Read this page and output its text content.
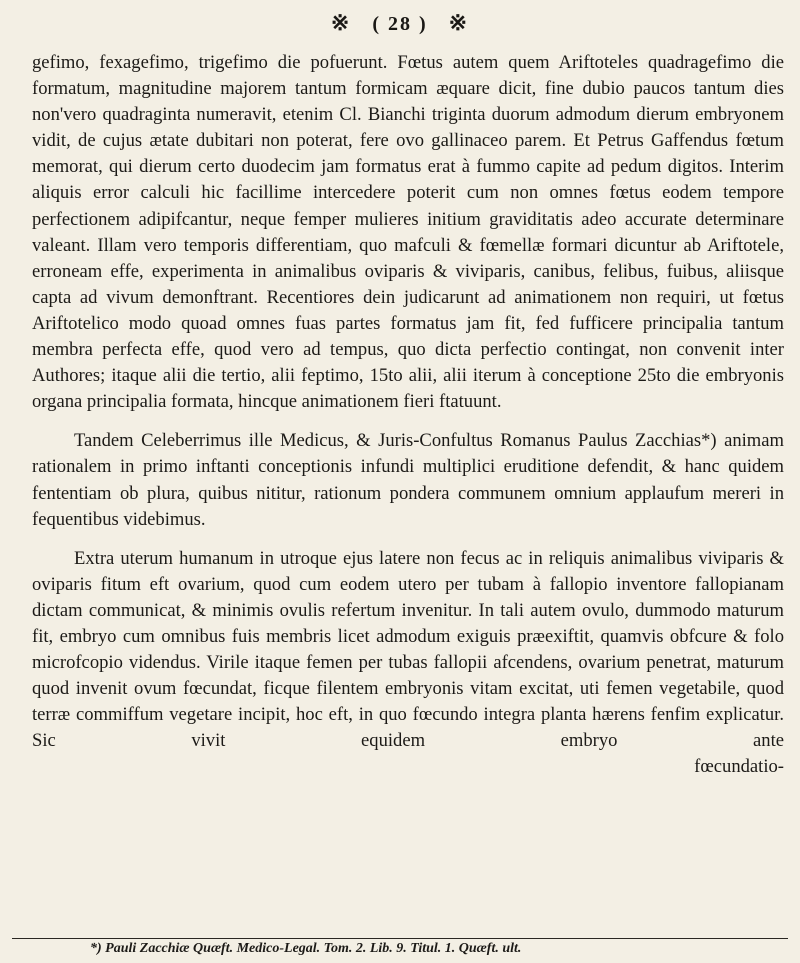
※ ( 28 ) ※

gefimo, fexagefimo, trigefimo die pofuerunt. Fœtus autem quem Ariftoteles quadragefimo die formatum, magnitudine majorem tantum formicam æquare dicit, fine dubio paucos tantum dies non'vero quadraginta numeravit, etenim Cl. Bianchi triginta duorum admodum dierum embryonem vidit, de cujus ætate dubitari non poterat, fere ovo gallinaceo parem. Et Petrus Gaffendus fœtum memorat, qui dierum certo duodecim jam formatus erat à fummo capite ad pedum digitos. Interim aliquis error calculi hic facillime intercedere poterit cum non omnes fœtus eodem tempore perfectionem adipifcantur, neque femper mulieres initium graviditatis adeo accurate determinare valeant. Illam vero temporis differentiam, quo mafculi & fœmellæ formari dicuntur ab Ariftotele, erroneam effe, experimenta in animalibus oviparis & viviparis, canibus, felibus, fuibus, aliisque capta ad vivum demonftrant. Recentiores dein judicarunt ad animationem non requiri, ut fœtus Ariftotelico modo quoad omnes fuas partes formatus jam fit, fed fufficere principalia tantum membra perfecta effe, quod vero ad tempus, quo dicta perfectio contingat, non convenit inter Authores; itaque alii die tertio, alii feptimo, 15to alii, alii iterum à conceptione 25to die embryonis organa principalia formata, hincque animationem fieri ftatuunt.

Tandem Celeberrimus ille Medicus, & Juris-Confultus Romanus Paulus Zacchias*) animam rationalem in primo inftanti conceptionis infundi multiplici eruditione defendit, & hanc quidem fententiam ob plura, quibus nititur, rationum pondera communem omnium applaufum mereri in fequentibus videbimus.

Extra uterum humanum in utroque ejus latere non fecus ac in reliquis animalibus viviparis & oviparis fitum eft ovarium, quod cum eodem utero per tubam à fallopio inventore fallopianam dictam communicat, & minimis ovulis refertum invenitur. In tali autem ovulo, dummodo maturum fit, embryo cum omnibus fuis membris licet admodum exiguis præexiftit, quamvis obfcure & folo microfcopio videndus. Virile itaque femen per tubas fallopii afcendens, ovarium penetrat, maturum quod invenit ovum fœcundat, ficque filentem embryonis vitam excitat, uti femen vegetabile, quod terræ commiffum vegetare incipit, hoc eft, in quo fœcundo integra planta hærens fenfim explicatur. Sic vivit equidem embryo ante

fœcundatio-

*) Pauli Zacchiæ Quæft. Medico-Legal. Tom. 2. Lib. 9. Titul. 1. Quæft. ult.
